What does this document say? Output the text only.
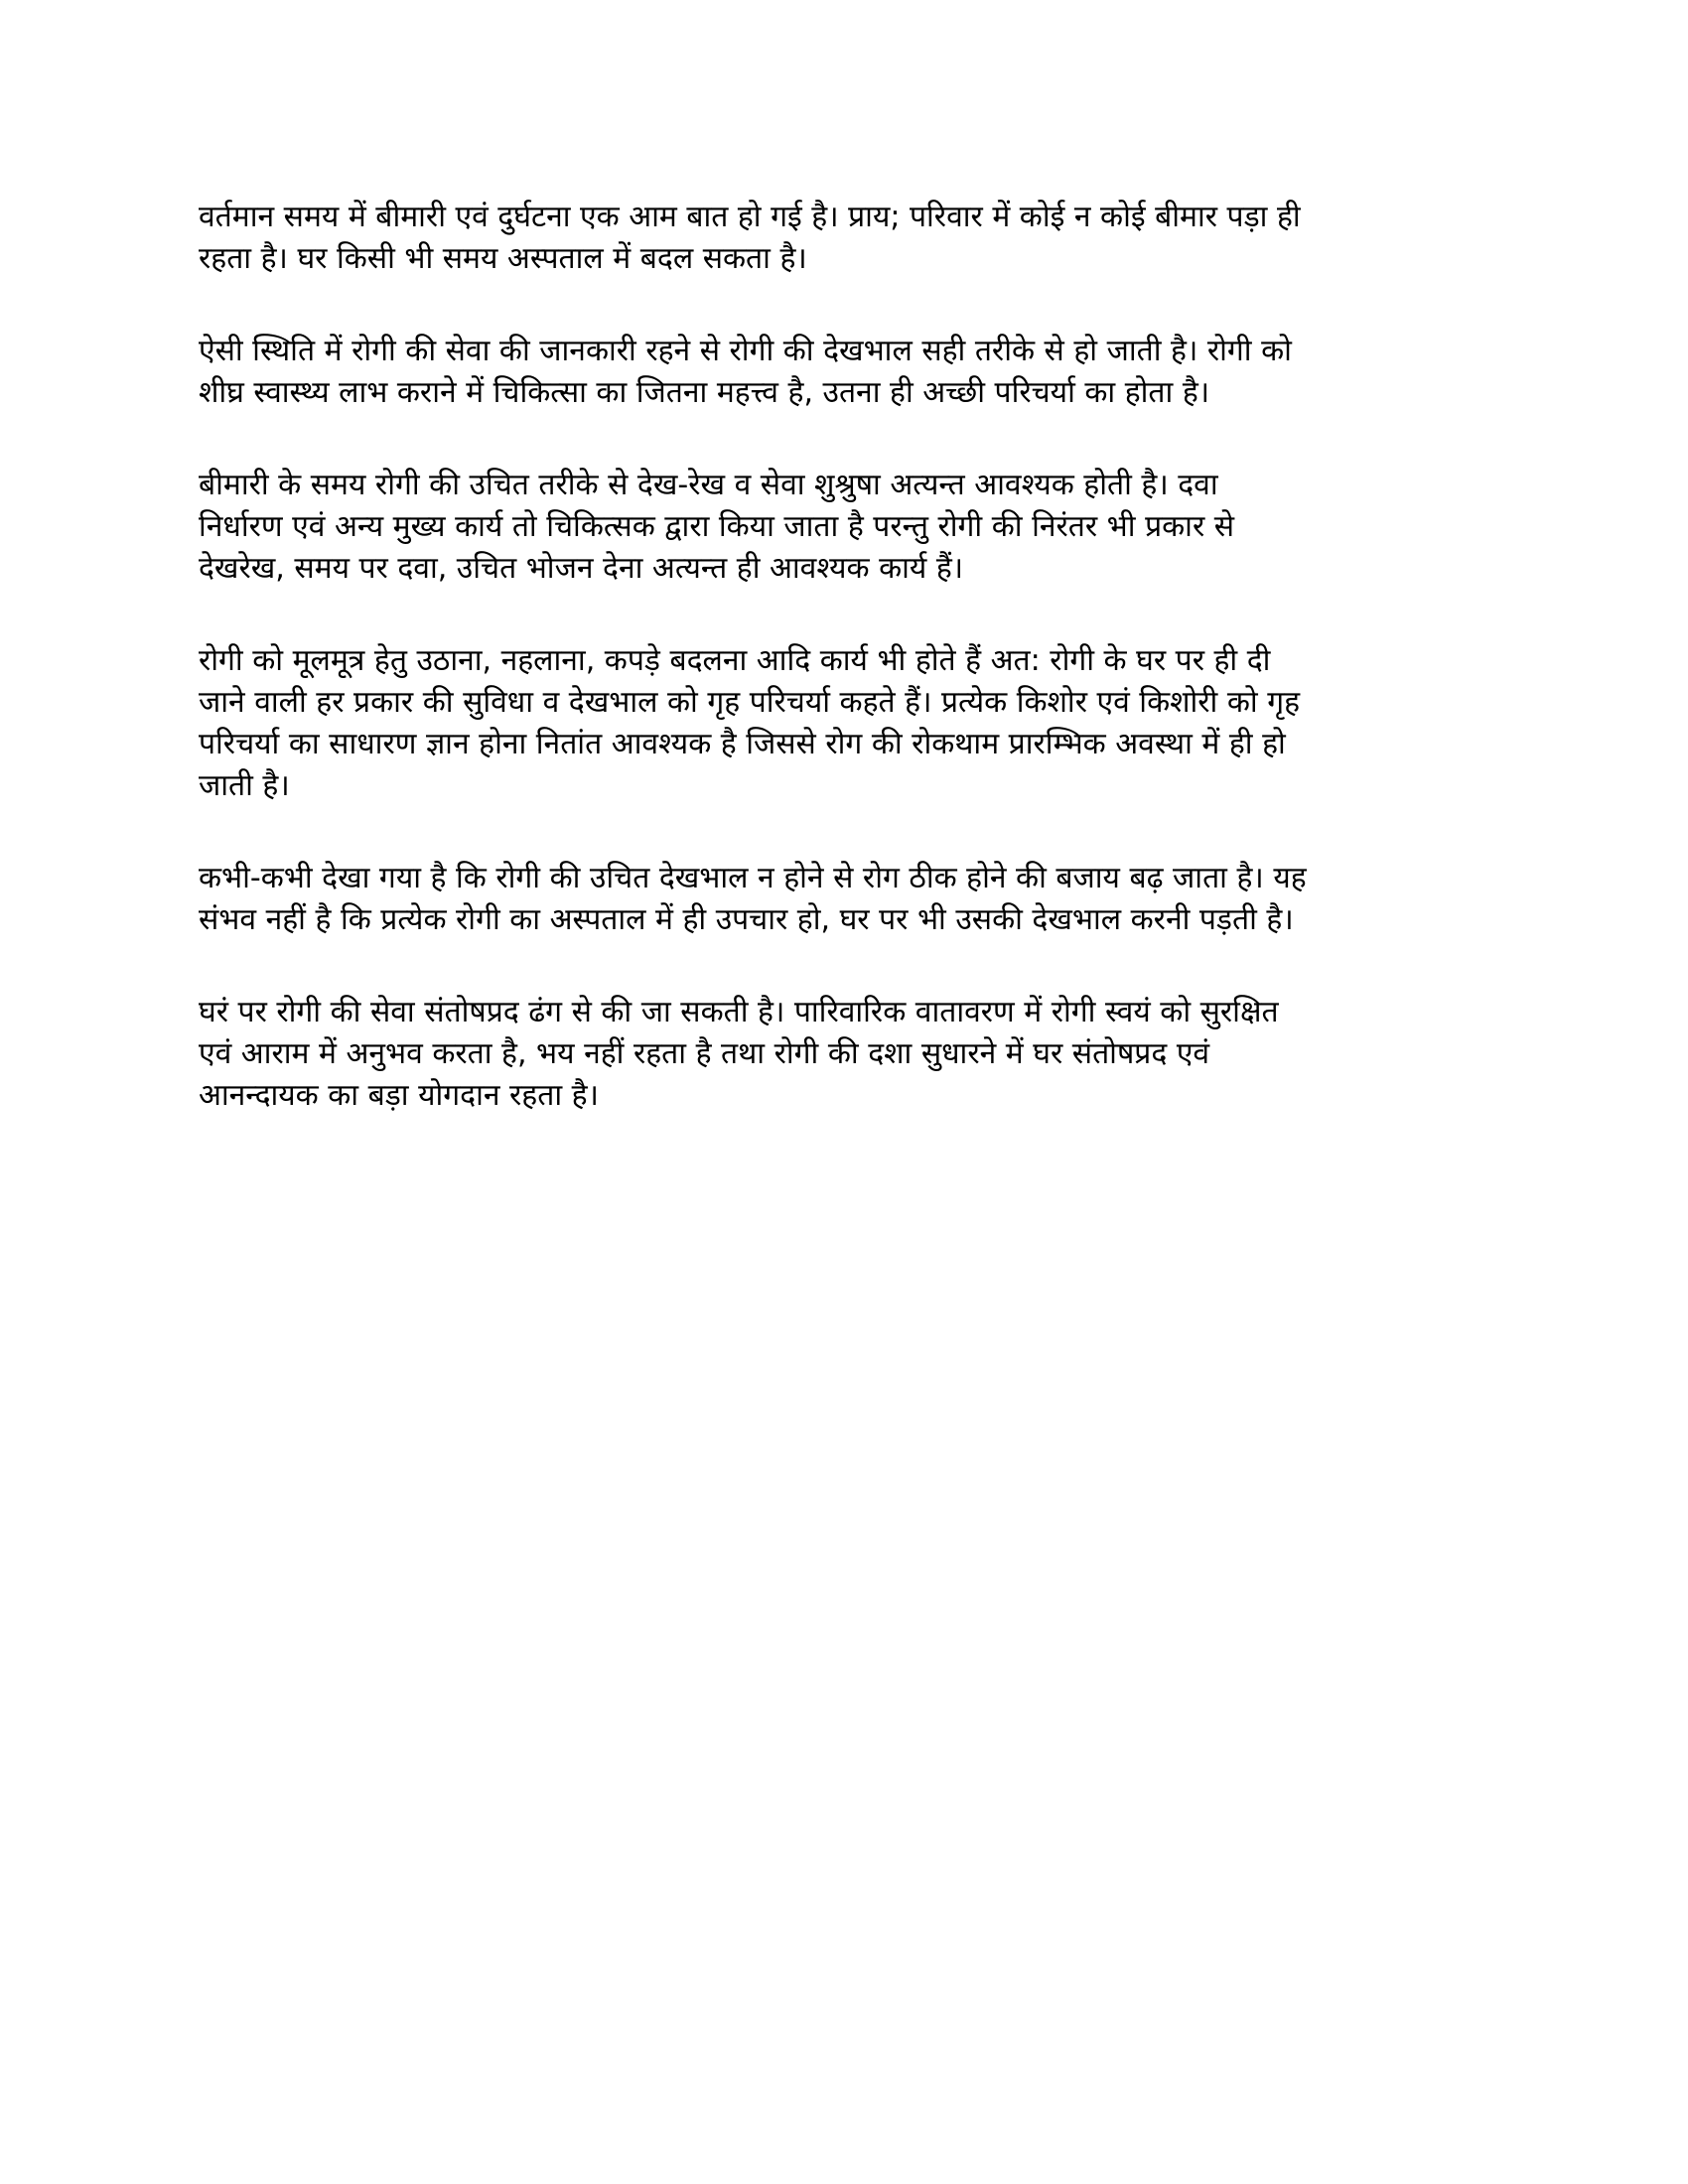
वर्तमान समय में बीमारी एवं दुर्घटना एक आम बात हो गई है। प्राय; परिवार में कोई न कोई बीमार पड़ा ही
रहता है। घर किसी भी समय अस्पताल में बदल सकता है।

ऐसी स्थिति में रोगी की सेवा की जानकारी रहने से रोगी की देखभाल सही तरीके से हो जाती है। रोगी को
शीघ्र स्वास्थ्य लाभ कराने में चिकित्सा का जितना महत्त्व है, उतना ही अच्छी परिचर्या का होता है।

बीमारी के समय रोगी की उचित तरीके से देख-रेख व सेवा शुश्रुषा अत्यन्त आवश्यक होती है। दवा
निर्धारण एवं अन्य मुख्य कार्य तो चिकित्सक द्वारा किया जाता है परन्तु रोगी की निरंतर भी प्रकार से
देखरेख, समय पर दवा, उचित भोजन देना अत्यन्त ही आवश्यक कार्य हैं।

रोगी को मूलमूत्र हेतु उठाना, नहलाना, कपड़े बदलना आदि कार्य भी होते हैं अत: रोगी के घर पर ही दी
जाने वाली हर प्रकार की सुविधा व देखभाल को गृह परिचर्या कहते हैं। प्रत्येक किशोर एवं किशोरी को गृह
परिचर्या का साधारण ज्ञान होना नितांत आवश्यक है जिससे रोग की रोकथाम प्रारम्भिक अवस्था में ही हो
जाती है।

कभी-कभी देखा गया है कि रोगी की उचित देखभाल न होने से रोग ठीक होने की बजाय बढ़ जाता है। यह
संभव नहीं है कि प्रत्येक रोगी का अस्पताल में ही उपचार हो, घर पर भी उसकी देखभाल करनी पड़ती है।

घरं पर रोगी की सेवा संतोषप्रद ढंग से की जा सकती है। पारिवारिक वातावरण में रोगी स्वयं को सुरक्षित
एवं आराम में अनुभव करता है, भय नहीं रहता है तथा रोगी की दशा सुधारने में घर संतोषप्रद एवं
आनन्दायक का बड़ा योगदान रहता है।
